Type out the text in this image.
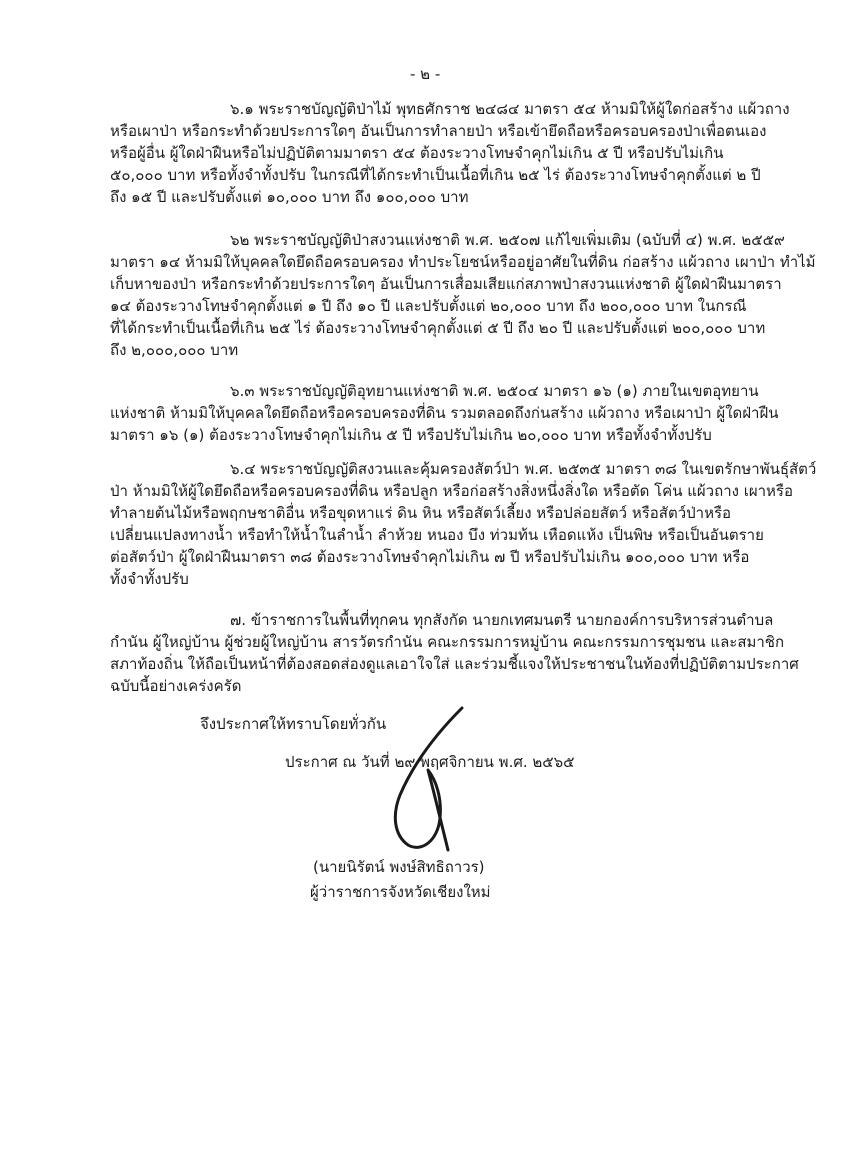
- ๒ -
๖.๑ พระราชบัญญัติป่าไม้ พุทธศักราช ๒๔๘๔ มาตรา ๕๔ ห้ามมิให้ผู้ใดก่อสร้าง แผ้วถาง
หรือเผาป่า หรือกระทำด้วยประการใดๆ อันเป็นการทำลายป่า หรือเข้ายึดถือหรือครอบครองป่าเพื่อตนเอง
หรือผู้อื่น ผู้ใดฝ่าฝืนหรือไม่ปฏิบัติตามมาตรา ๕๔ ต้องระวางโทษจำคุกไม่เกิน ๕ ปี หรือปรับไม่เกิน
๕๐,๐๐๐ บาท หรือทั้งจำทั้งปรับ ในกรณีที่ได้กระทำเป็นเนื้อที่เกิน ๒๕ ไร่ ต้องระวางโทษจำคุกตั้งแต่ ๒ ปี
ถึง ๑๕ ปี และปรับตั้งแต่ ๑๐,๐๐๐ บาท ถึง ๑๐๐,๐๐๐ บาท
๖๒ พระราชบัญญัติป่าสงวนแห่งชาติ พ.ศ. ๒๕๐๗ แก้ไขเพิ่มเติม (ฉบับที่ ๔) พ.ศ. ๒๕๕๙
มาตรา ๑๔ ห้ามมิให้บุคคลใดยึดถือครอบครอง ทำประโยชน์หรืออยู่อาศัยในที่ดิน ก่อสร้าง แผ้วถาง เผาป่า ทำไม้
เก็บหาของป่า หรือกระทำด้วยประการใดๆ อันเป็นการเสื่อมเสียแก่สภาพป่าสงวนแห่งชาติ ผู้ใดฝ่าฝืนมาตรา
๑๔ ต้องระวางโทษจำคุกตั้งแต่ ๑ ปี ถึง ๑๐ ปี และปรับตั้งแต่ ๒๐,๐๐๐ บาท ถึง ๒๐๐,๐๐๐ บาท ในกรณี
ที่ได้กระทำเป็นเนื้อที่เกิน ๒๕ ไร่ ต้องระวางโทษจำคุกตั้งแต่ ๕ ปี ถึง ๒๐ ปี และปรับตั้งแต่ ๒๐๐,๐๐๐ บาท
ถึง ๒,๐๐๐,๐๐๐ บาท
๖.๓ พระราชบัญญัติอุทยานแห่งชาติ พ.ศ. ๒๕๐๔ มาตรา ๑๖ (๑) ภายในเขตอุทยาน
แห่งชาติ ห้ามมิให้บุคคลใดยึดถือหรือครอบครองที่ดิน รวมตลอดถึงก่นสร้าง แผ้วถาง หรือเผาป่า ผู้ใดฝ่าฝืน
มาตรา ๑๖ (๑) ต้องระวางโทษจำคุกไม่เกิน ๕ ปี หรือปรับไม่เกิน ๒๐,๐๐๐ บาท หรือทั้งจำทั้งปรับ
๖.๔ พระราชบัญญัติสงวนและคุ้มครองสัตว์ป่า พ.ศ. ๒๕๓๕ มาตรา ๓๘ ในเขตรักษาพันธุ์สัตว์
ป่า ห้ามมิให้ผู้ใดยึดถือหรือครอบครองที่ดิน หรือปลูก หรือก่อสร้างสิ่งหนึ่งสิ่งใด หรือตัด โค่น แผ้วถาง เผาหรือ
ทำลายต้นไม้หรือพฤกษชาติอื่น หรือขุดหาแร่ ดิน หิน หรือสัตว์เลี้ยง หรือปล่อยสัตว์ หรือสัตว์ป่าหรือ
เปลี่ยนแปลงทางน้ำ หรือทำให้น้ำในลำน้ำ ลำห้วย หนอง บึง ท่วมท้น เหือดแห้ง เป็นพิษ หรือเป็นอันตราย
ต่อสัตว์ป่า ผู้ใดฝ่าฝืนมาตรา ๓๘ ต้องระวางโทษจำคุกไม่เกิน ๗ ปี หรือปรับไม่เกิน ๑๐๐,๐๐๐ บาท หรือ
ทั้งจำทั้งปรับ
๗. ข้าราชการในพื้นที่ทุกคน ทุกสังกัด นายกเทศมนตรี นายกองค์การบริหารส่วนตำบล
กำนัน ผู้ใหญ่บ้าน ผู้ช่วยผู้ใหญ่บ้าน สารวัตรกำนัน คณะกรรมการหมู่บ้าน คณะกรรมการชุมชน และสมาชิก
สภาท้องถิ่น ให้ถือเป็นหน้าที่ต้องสอดส่องดูแลเอาใจใส่ และร่วมชี้แจงให้ประชาชนในท้องที่ปฏิบัติตามประกาศ
ฉบับนี้อย่างเคร่งครัด
จึงประกาศให้ทราบโดยทั่วกัน
ประกาศ ณ วันที่ ๒๙ พฤศจิกายน พ.ศ. ๒๕๖๕
(นายนิรัตน์ พงษ์สิทธิถาวร)
ผู้ว่าราชการจังหวัดเชียงใหม่
